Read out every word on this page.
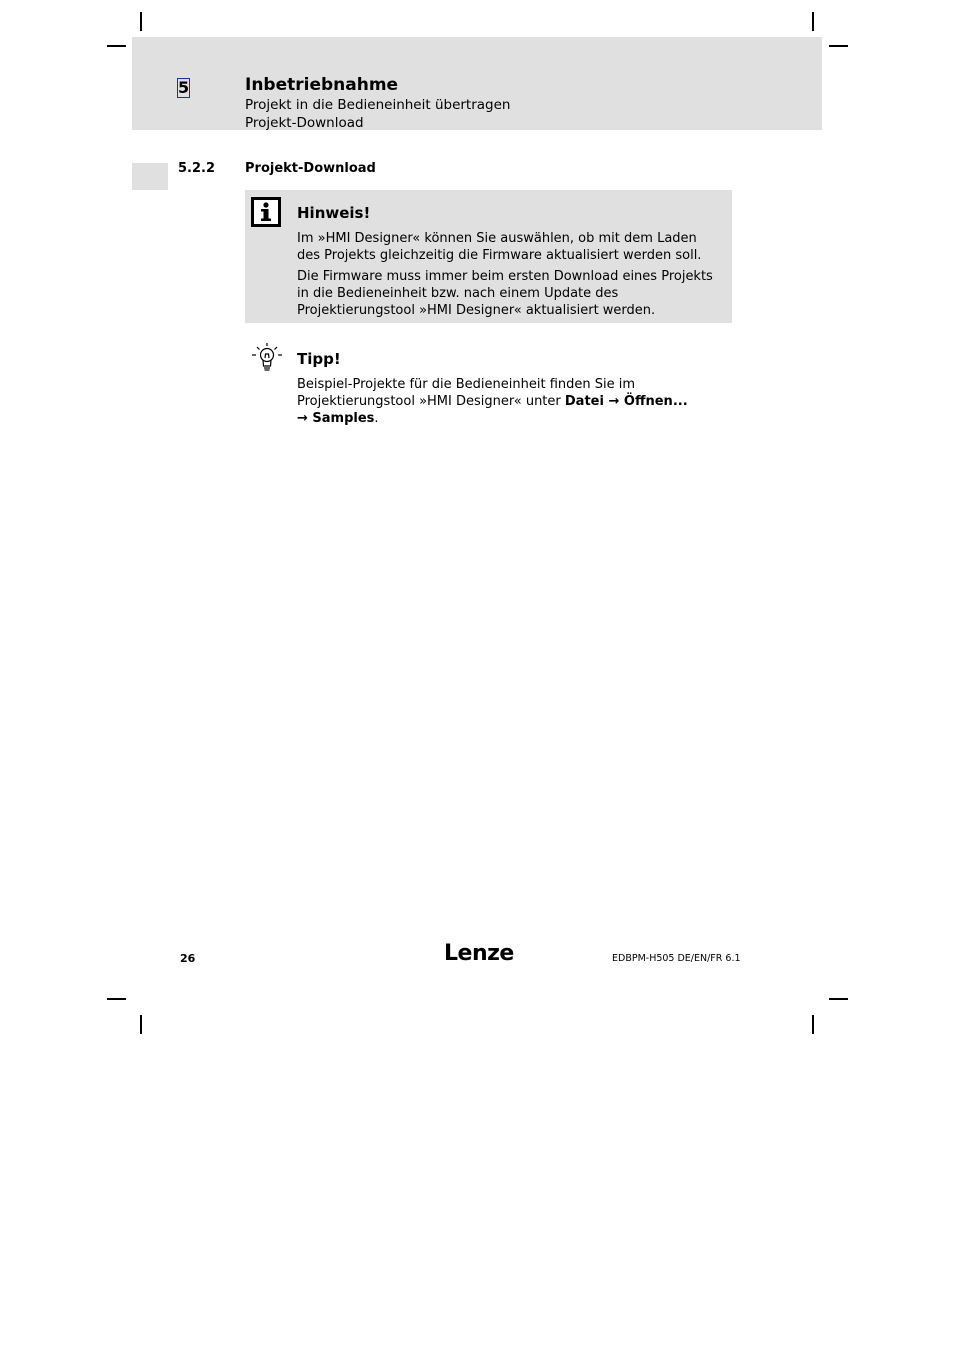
5	Inbetriebnahme
Projekt in die Bedieneinheit übertragen
Projekt-Download
5.2.2 Projekt-Download
Hinweis!
Im »HMI Designer« können Sie auswählen, ob mit dem Laden des Projekts gleichzeitig die Firmware aktualisiert werden soll.
Die Firmware muss immer beim ersten Download eines Projekts in die Bedieneinheit bzw. nach einem Update des Projektierungstool »HMI Designer« aktualisiert werden.
Tipp!
Beispiel-Projekte für die Bedieneinheit finden Sie im Projektierungstool »HMI Designer« unter Datei → Öffnen...
→ Samples.
26	Lenze	EDBPM-H505 DE/EN/FR 6.1
